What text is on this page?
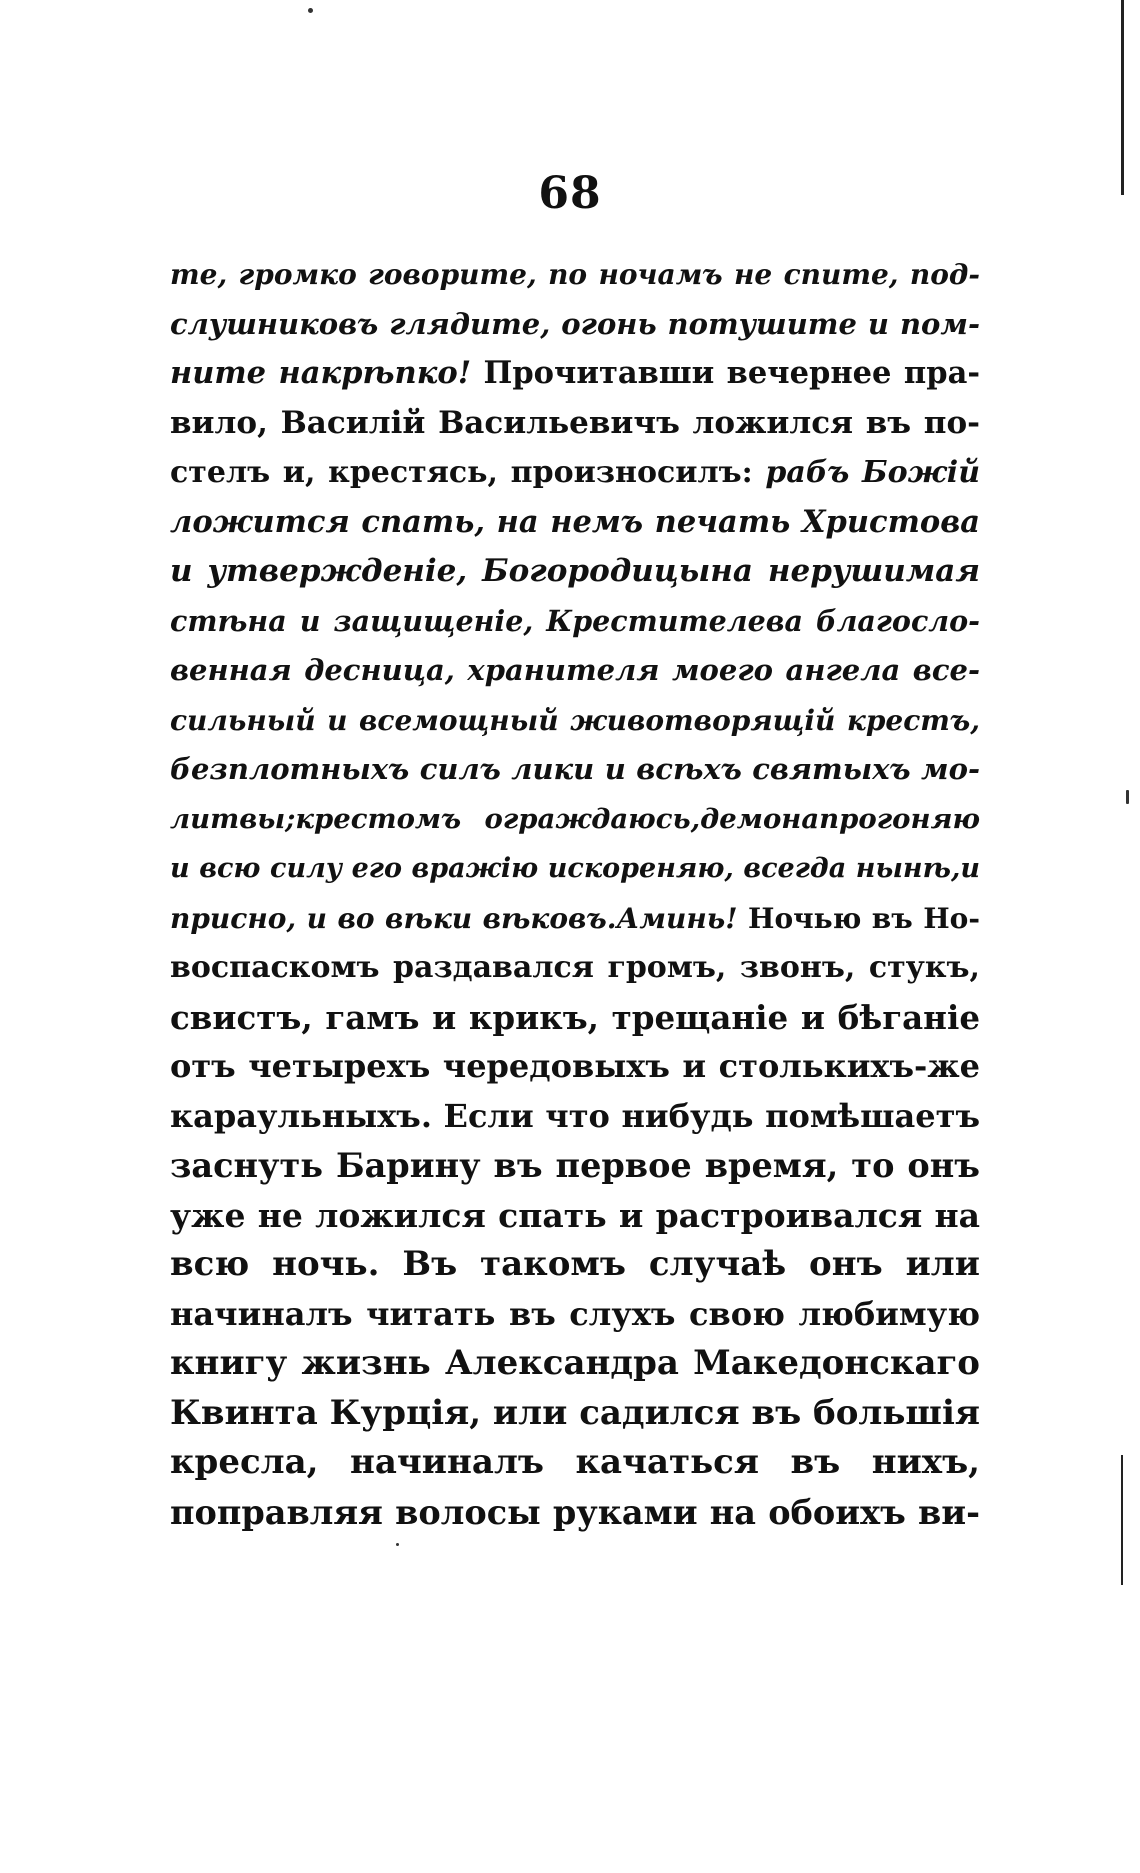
68
те, громко говорите, по ночамъ не спите, под-
слушниковъ глядите, огонь потушите и пом-
ните накрѣпко! Прочитавши вечернее пра-
вило, Василій Васильевичъ ложился въ по-
стелъ и, крестясь, произносилъ: рабъ Божій
ложится спать, на немъ печать Христова
и утвержденіе, Богородицына нерушимая
стѣна и защищеніе, Крестителева благосло-
венная десница, хранителя моего ангела все-
сильный и всемощный животворящій крестъ,
безплотныхъ силъ лики и всѣхъ святыхъ мо-
литвы;крестомъ ограждаюсь,демонапрогоняю
и всю силу его вражію искореняю, всегда нынѣ,и
присно, и во вѣки вѣковъ.Аминь! Ночью въ Но-
воспаскомъ раздавался громъ, звонъ, стукъ,
свистъ, гамъ и крикъ, трещаніе и бѣганіе
отъ четырехъ чередовыхъ и столькихъ-же
караульныхъ. Если что нибудь помѣшаетъ
заснуть Барину въ первое время, то онъ
уже не ложился спать и растроивался на
всю ночь. Въ такомъ случаѣ онъ или
начиналъ читать въ слухъ свою любимую
книгу жизнь Александра Македонскаго
Квинта Курція, или садился въ большія
кресла, начиналъ качаться въ нихъ,
поправляя волосы руками на обоихъ ви-
